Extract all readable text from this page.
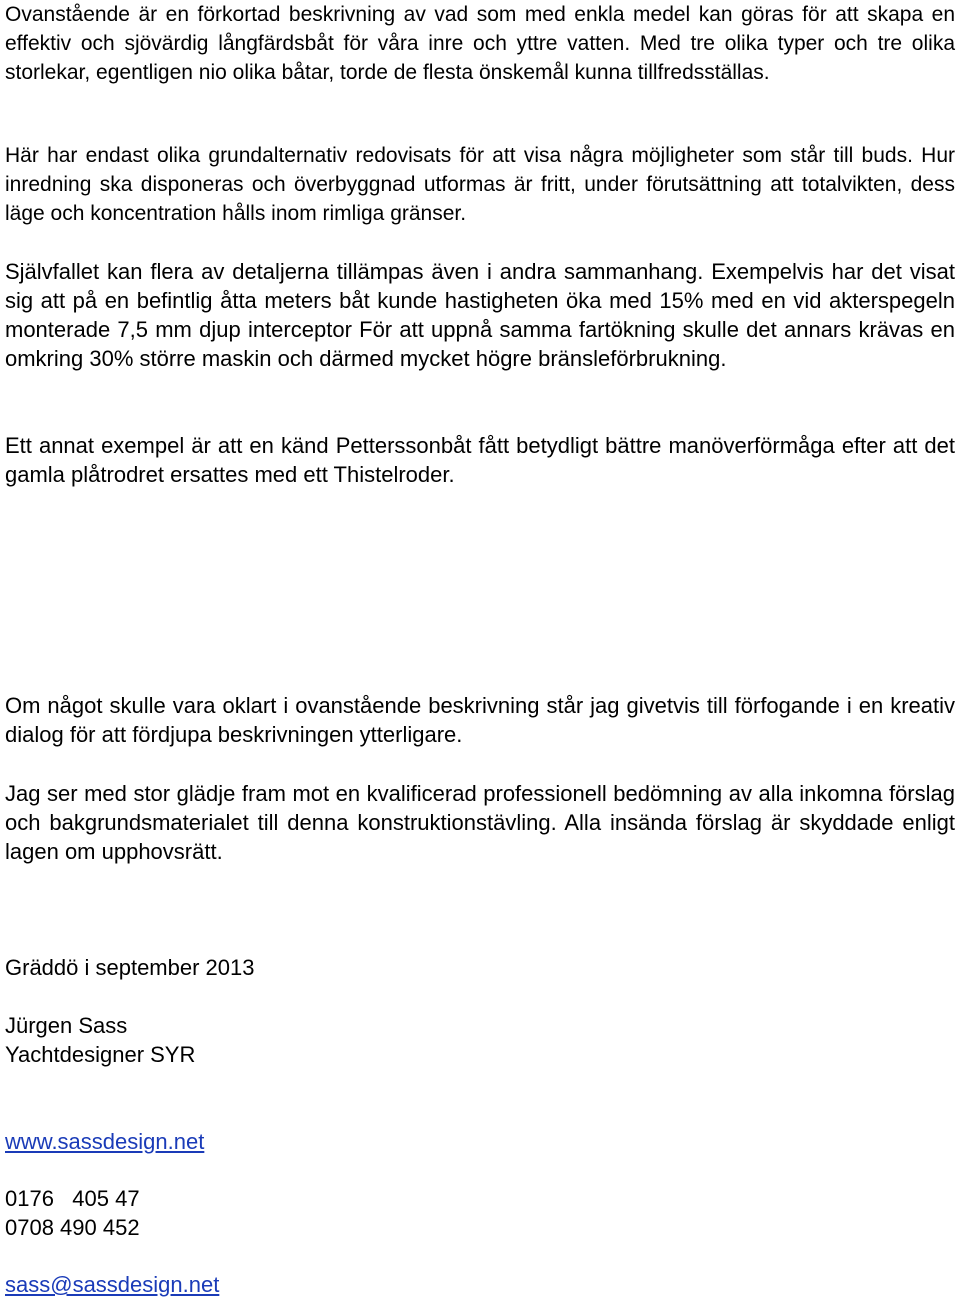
Ovanstående är en förkortad beskrivning av vad som med enkla medel kan göras för att skapa en effektiv och sjövärdig långfärdsbåt för våra inre och yttre vatten. Med tre olika typer och tre olika storlekar, egentligen nio olika båtar, torde de flesta önskemål kunna tillfredsställas.

Här har endast olika grundalternativ redovisats för att visa några möjligheter som står till buds. Hur inredning ska disponeras och överbyggnad utformas är fritt, under förutsättning att totalvikten, dess läge och koncentration hålls inom rimliga gränser.

Självfallet kan flera av detaljerna tillämpas även i andra sammanhang. Exempelvis har det visat sig att på en befintlig åtta meters båt kunde hastigheten öka med 15% med en vid akterspegeln monterade 7,5 mm djup interceptor För att uppnå samma fartökning skulle det annars krävas en omkring 30% större maskin och därmed mycket högre bränsleförbrukning.

Ett annat exempel är att en känd Petterssonbåt fått betydligt bättre manöverförmåga efter att det gamla plåtrodret ersattes med ett Thistelroder.

Om något skulle vara oklart i ovanstående beskrivning står jag givetvis till förfogande i en kreativ dialog för att fördjupa beskrivningen ytterligare.

Jag ser med stor glädje fram mot en kvalificerad professionell bedömning av alla inkomna förslag och bakgrundsmaterialet till denna konstruktionstävling. Alla insända förslag är skyddade enligt lagen om upphovsrätt.

Gräddö i september 2013
Jürgen Sass
Yachtdesigner SYR
www.sassdesign.net
0176   405 47
0708 490 452
sass@sassdesign.net
